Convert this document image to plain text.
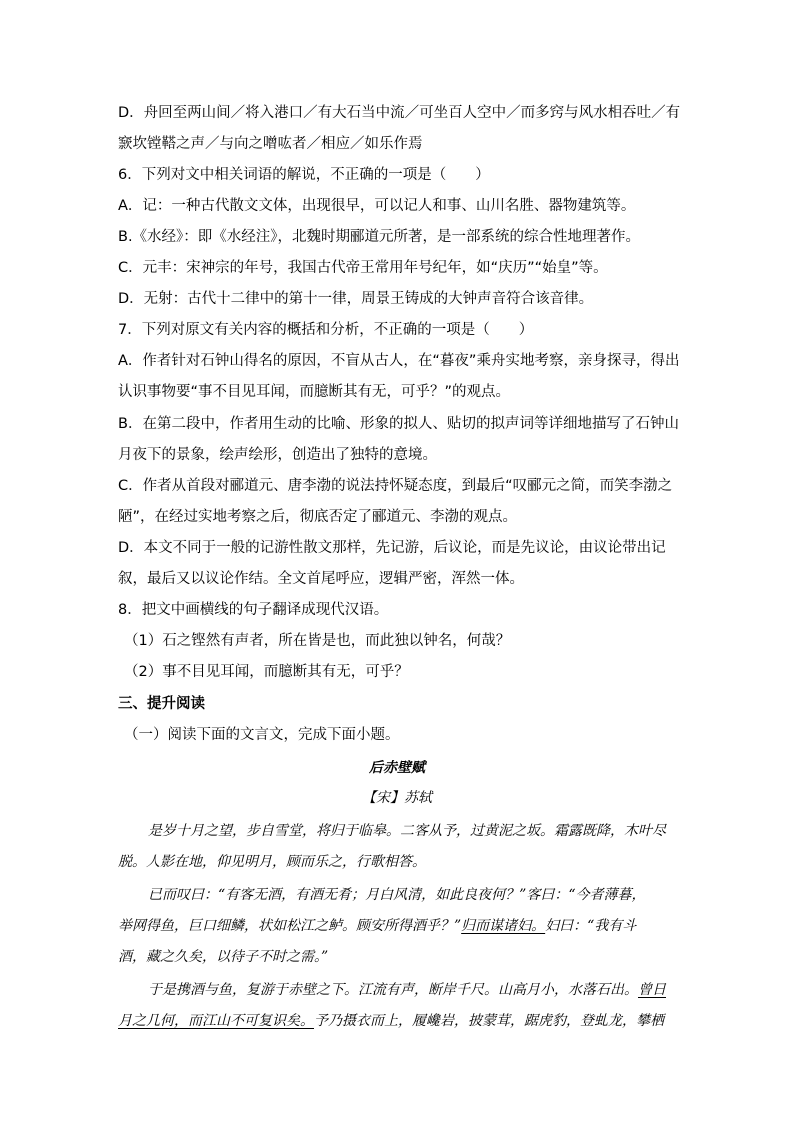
D．舟回至两山间／将入港口／有大石当中流／可坐百人空中／而多窍与风水相吞吐／有
窾坎镗鞳之声／与向之噌吰者／相应／如乐作焉
6．下列对文中相关词语的解说，不正确的一项是（　　）
A．记：一种古代散文文体，出现很早，可以记人和事、山川名胜、器物建筑等。
B.《水经》：即《水经注》，北魏时期郦道元所著，是一部系统的综合性地理著作。
C．元丰：宋神宗的年号，我国古代帝王常用年号纪年，如“庆历”“始皇”等。
D．无射：古代十二律中的第十一律，周景王铸成的大钟声音符合该音律。
7．下列对原文有关内容的概括和分析，不正确的一项是（　　）
A．作者针对石钟山得名的原因，不盲从古人，在“暮夜”乘舟实地考察，亲身探寻，得出
认识事物要“事不目见耳闻，而臆断其有无，可乎？”的观点。
B．在第二段中，作者用生动的比喻、形象的拟人、贴切的拟声词等详细地描写了石钟山
月夜下的景象，绘声绘形，创造出了独特的意境。
C．作者从首段对郦道元、唐李渤的说法持怀疑态度，到最后“叹郦元之简，而笑李渤之
陋”，在经过实地考察之后，彻底否定了郦道元、李渤的观点。
D．本文不同于一般的记游性散文那样，先记游，后议论，而是先议论，由议论带出记
叙，最后又以议论作结。全文首尾呼应，逻辑严密，浑然一体。
8．把文中画横线的句子翻译成现代汉语。
（1）石之铿然有声者，所在皆是也，而此独以钟名，何哉？
（2）事不目见耳闻，而臆断其有无，可乎？
三、提升阅读
（一）阅读下面的文言文，完成下面小题。
后赤壁赋
【宋】苏轼
是岁十月之望，步自雪堂，将归于临皋。二客从予，过黄泥之坂。霜露既降，木叶尽
脱。人影在地，仰见明月，顾而乐之，行歌相答。
已而叹曰：“有客无酒，有酒无肴；月白风清，如此良夜何？”客曰：“今者薄暮，
举网得鱼，巨口细鳞，状如松江之鲈。顾安所得酒乎？”归而谋诸妇。妇曰：“我有斗
酒，藏之久矣，以待子不时之需。”
于是携酒与鱼，复游于赤壁之下。江流有声，断岸千尺。山高月小，水落石出。曾日
月之几何，而江山不可复识矣。予乃摄衣而上，履巉岩，披蒙茸，踞虎豹，登虬龙，攀栖
